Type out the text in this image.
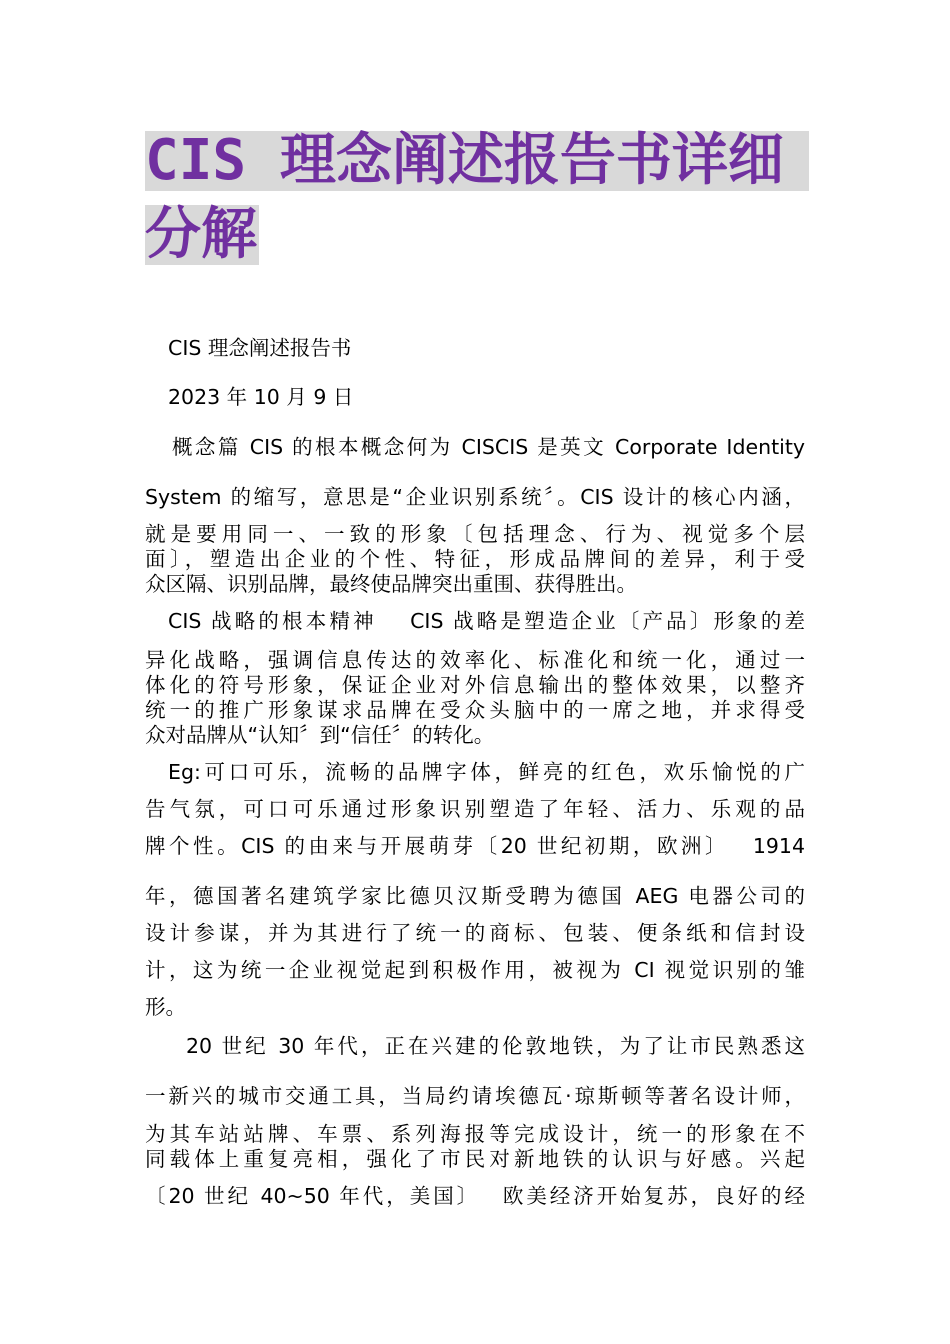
CIS 理念阐述报告书详细
分解
CIS 理念阐述报告书
2023 年 10 月 9 日
概念篇 CIS 的根本概念何为 CISCIS 是英文 Corporate Identity
System 的缩写，意思是“企业识别系统〞。CIS 设计的核心内涵，
就是要用同一、一致的形象〔包括理念、行为、视觉多个层
面〕，塑造出企业的个性、特征，形成品牌间的差异，利于受
众区隔、识别品牌，最终使品牌突出重围、获得胜出。
CIS 战略的根本精神　 CIS 战略是塑造企业〔产品〕形象的差
异化战略，强调信息传达的效率化、标准化和统一化，通过一
体化的符号形象，保证企业对外信息输出的整体效果，以整齐
统一的推广形象谋求品牌在受众头脑中的一席之地，并求得受
众对品牌从“认知〞到“信任〞的转化。
Eg:可口可乐，流畅的品牌字体，鲜亮的红色，欢乐愉悦的广
告气氛，可口可乐通过形象识别塑造了年轻、活力、乐观的品
牌个性。CIS 的由来与开展萌芽〔20 世纪初期，欧洲〕　 1914
年，德国著名建筑学家比德贝汉斯受聘为德国 AEG 电器公司的
设计参谋，并为其进行了统一的商标、包装、便条纸和信封设
计，这为统一企业视觉起到积极作用，被视为 CI 视觉识别的雏
形。
20 世纪 30 年代，正在兴建的伦敦地铁，为了让市民熟悉这
一新兴的城市交通工具，当局约请埃德瓦·琼斯顿等著名设计师，
为其车站站牌、车票、系列海报等完成设计，统一的形象在不
同载体上重复亮相，强化了市民对新地铁的认识与好感。兴起
〔20 世纪 40~50 年代，美国〕　 欧美经济开始复苏，良好的经
